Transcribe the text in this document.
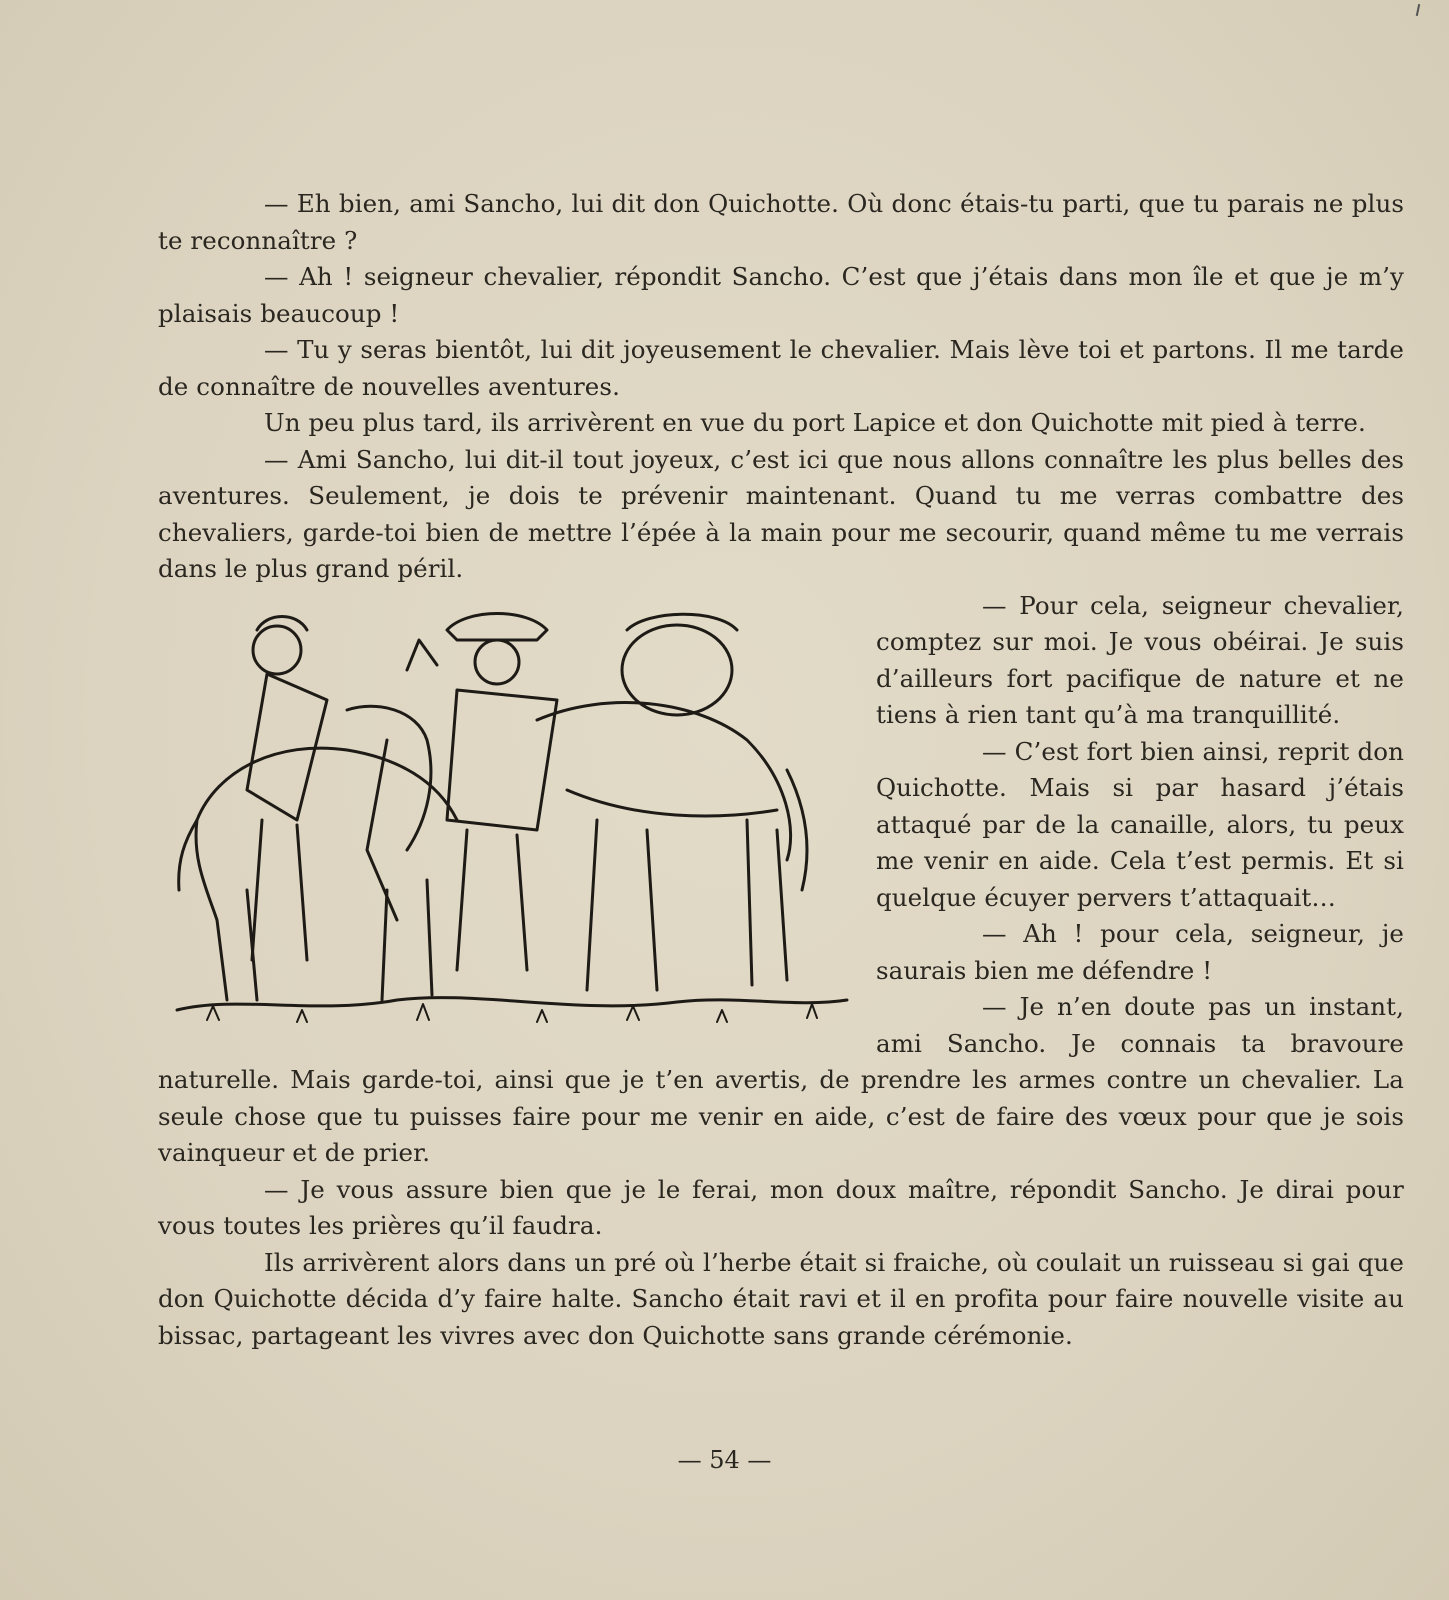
— Eh bien, ami Sancho, lui dit don Quichotte. Où donc étais-tu parti, que tu parais ne plus te reconnaître ?

— Ah ! seigneur chevalier, répondit Sancho. C’est que j’étais dans mon île et que je m’y plaisais beaucoup !

— Tu y seras bientôt, lui dit joyeusement le chevalier. Mais lève toi et partons. Il me tarde de connaître de nouvelles aventures.

Un peu plus tard, ils arrivèrent en vue du port Lapice et don Quichotte mit pied à terre.

— Ami Sancho, lui dit-il tout joyeux, c’est ici que nous allons connaître les plus belles des aventures. Seulement, je dois te prévenir maintenant. Quand tu me verras combattre des chevaliers, garde-toi bien de mettre l’épée à la main pour me secourir, quand même tu me verrais dans le plus grand péril.

— Pour cela, seigneur chevalier, comptez sur moi. Je vous obéirai. Je suis d’ailleurs fort pacifique de nature et ne tiens à rien tant qu’à ma tranquillité.

— C’est fort bien ainsi, reprit don Quichotte. Mais si par hasard j’étais attaqué par de la canaille, alors, tu peux me venir en aide. Cela t’est permis. Et si quelque écuyer pervers t’attaquait…

— Ah ! pour cela, seigneur, je saurais bien me défendre !

— Je n’en doute pas un instant, ami Sancho. Je connais ta bravoure naturelle. Mais garde-toi, ainsi que je t’en avertis, de prendre les armes contre un chevalier. La seule chose que tu puisses faire pour me venir en aide, c’est de faire des vœux pour que je sois vainqueur et de prier.

— Je vous assure bien que je le ferai, mon doux maître, répondit Sancho. Je dirai pour vous toutes les prières qu’il faudra.

Ils arrivèrent alors dans un pré où l’herbe était si fraiche, où coulait un ruisseau si gai que don Quichotte décida d’y faire halte. Sancho était ravi et il en profita pour faire nouvelle visite au bissac, partageant les vivres avec don Quichotte sans grande cérémonie.

— 54 —
